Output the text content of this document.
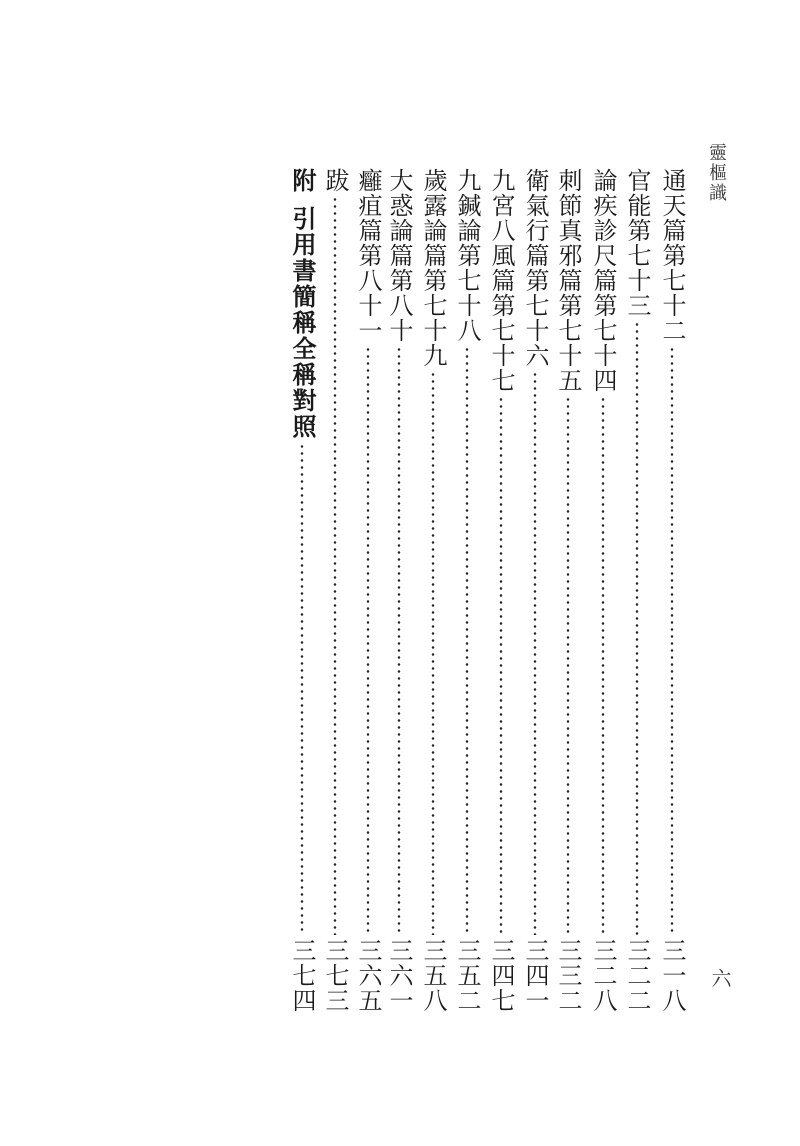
靈樞識
六
通天篇第七十二
三一八
官能第七十三
三二二
論疾診尺篇第七十四
三二八
刺節真邪篇第七十五
三三二
衛氣行篇第七十六
三四一
九宮八風篇第七十七
三四七
九鍼論第七十八
三五二
歲露論篇第七十九
三五八
大惑論篇第八十
三六一
癰疽篇第八十一
三六五
跋
三七三
附
引用書簡稱全稱對照
三七四
